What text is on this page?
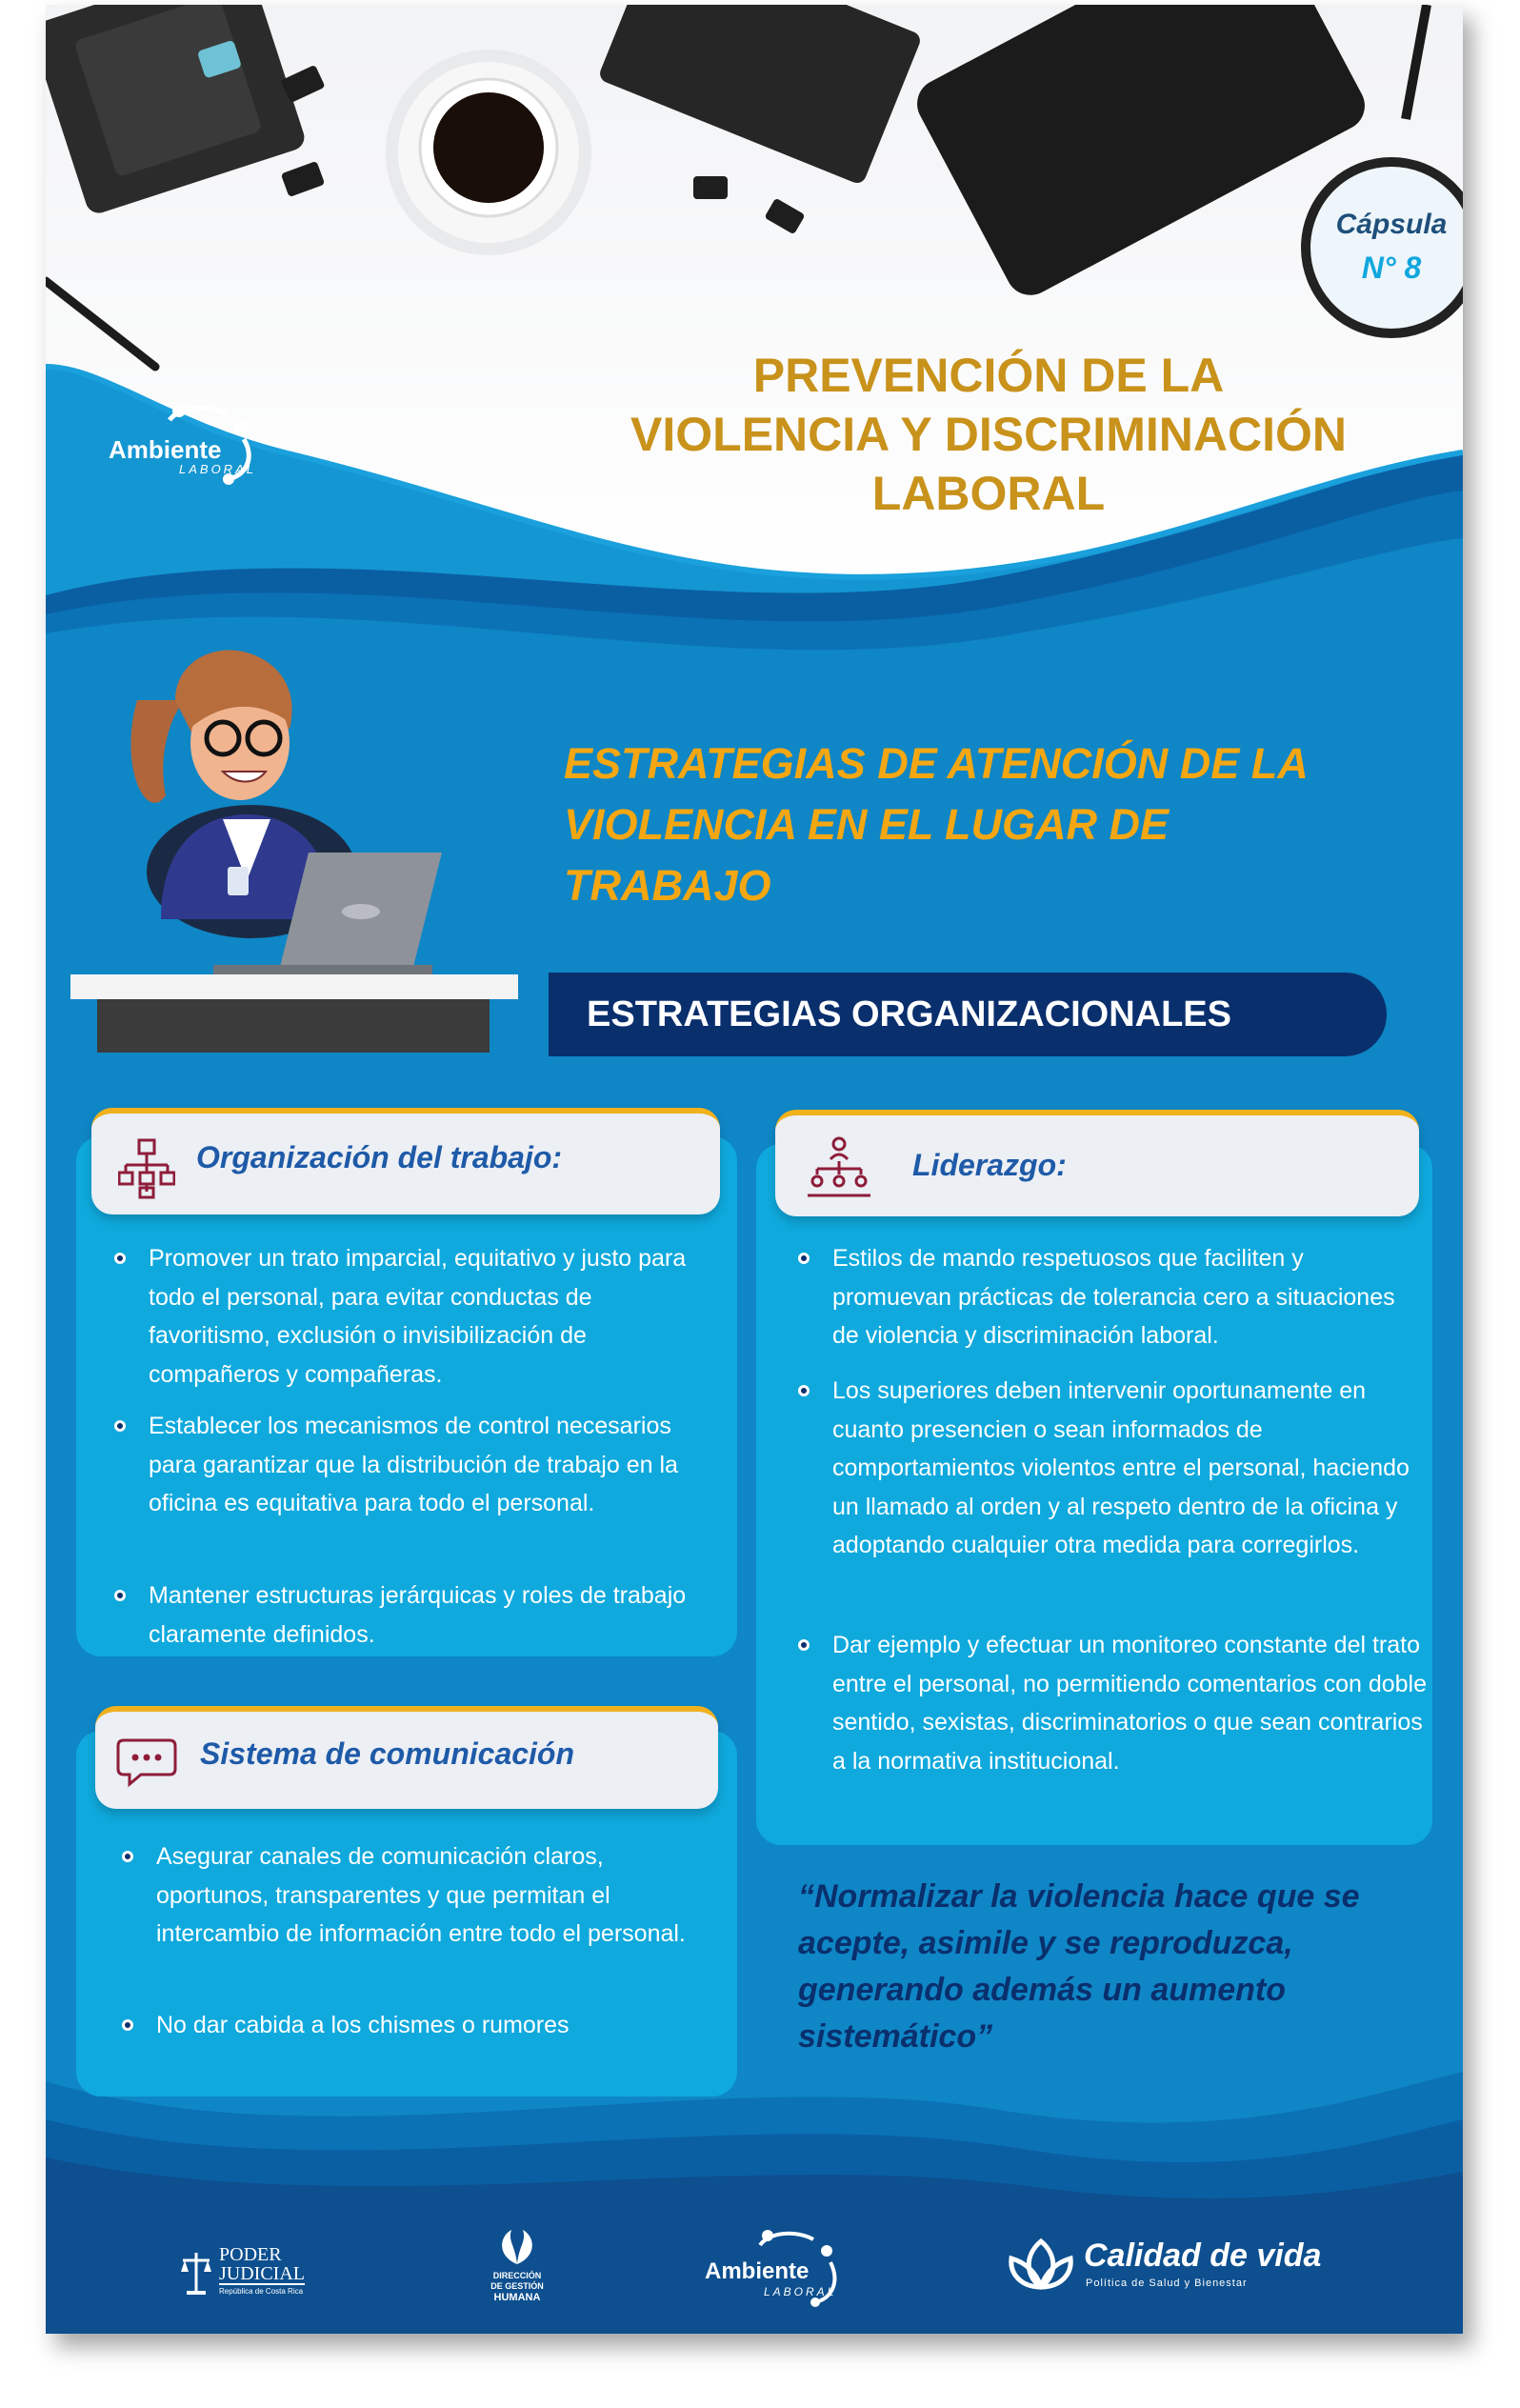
Cápsula
N° 8
PREVENCIÓN DE LA
VIOLENCIA Y DISCRIMINACIÓN
LABORAL
Ambiente
LABORAL
ESTRATEGIAS DE ATENCIÓN DE LA
VIOLENCIA EN EL LUGAR DE
TRABAJO
ESTRATEGIAS ORGANIZACIONALES
Organización del trabajo:
Promover un trato imparcial, equitativo y justo para todo el personal, para evitar conductas de favoritismo, exclusión o invisibilización de compañeros y compañeras.
Establecer los mecanismos de control necesarios para garantizar que la distribución de trabajo en la oficina es equitativa para todo el personal.
Mantener estructuras jerárquicas y roles de trabajo claramente definidos.
Sistema de comunicación
Asegurar canales de comunicación claros, oportunos, transparentes y que permitan el intercambio de información entre todo el personal.
No dar cabida a los chismes o rumores
Liderazgo:
Estilos de mando respetuosos que faciliten y promuevan prácticas de tolerancia cero a situaciones de violencia y discriminación laboral.
Los superiores deben intervenir oportunamente en cuanto presencien o sean informados de comportamientos violentos entre el personal, haciendo un llamado al orden y al respeto dentro de la oficina y adoptando cualquier otra medida para corregirlos.
Dar ejemplo y efectuar un monitoreo constante del trato entre el personal, no permitiendo comentarios con doble sentido, sexistas, discriminatorios o que sean contrarios a la normativa institucional.
“Normalizar la violencia hace que se acepte, asimile y se reproduzca, generando además un aumento sistemático”
PODER
JUDICIAL
República de Costa Rica
DIRECCIÓN
DE GESTIÓN
HUMANA
Ambiente
LABORAL
Calidad de vida
Política de Salud y Bienestar
